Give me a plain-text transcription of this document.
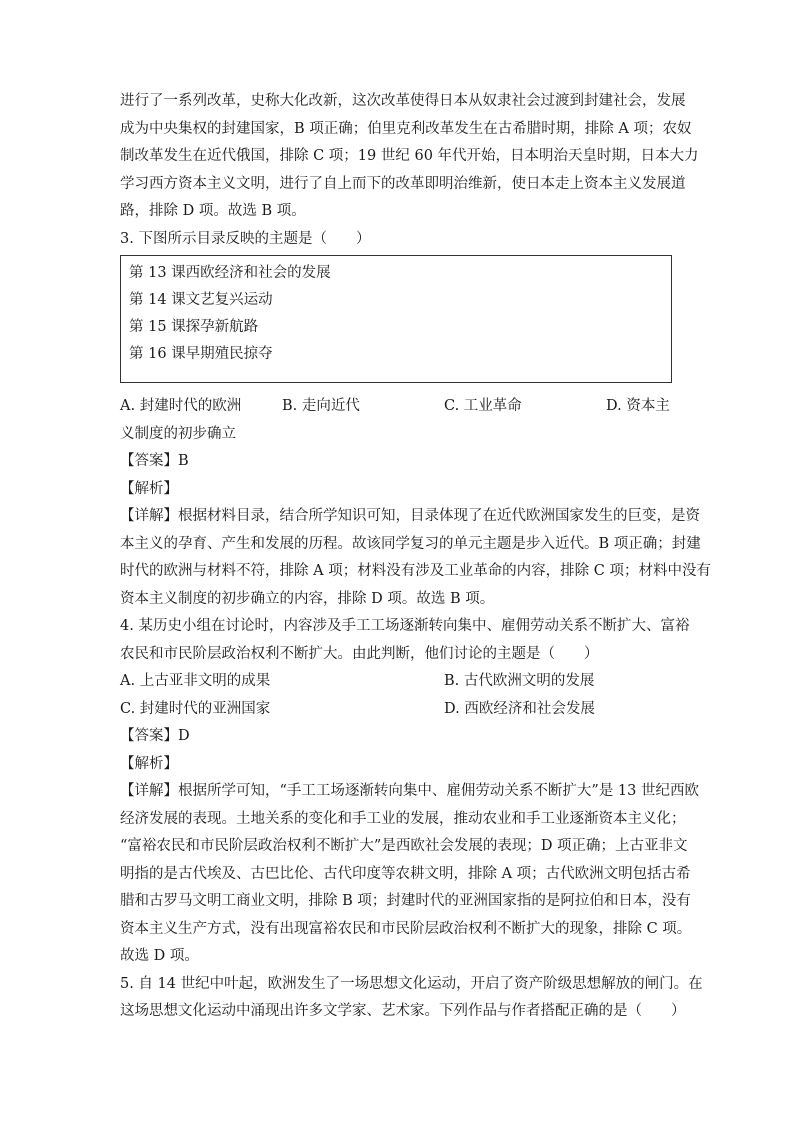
进行了一系列改革，史称大化改新，这次改革使得日本从奴隶社会过渡到封建社会，发展
成为中央集权的封建国家，B 项正确；伯里克利改革发生在古希腊时期，排除 A 项；农奴
制改革发生在近代俄国，排除 C 项；19 世纪 60 年代开始，日本明治天皇时期，日本大力
学习西方资本主义文明，进行了自上而下的改革即明治维新，使日本走上资本主义发展道
路，排除 D 项。故选 B 项。

3. 下图所示目录反映的主题是（　　）

第 13 课西欧经济和社会的发展
第 14 课文艺复兴运动
第 15 课探孕新航路
第 16 课早期殖民掠夺
A. 封建时代的欧洲	B. 走向近代	C. 工业革命	D. 资本主

义制度的初步确立

【答案】B

【解析】

【详解】根据材料目录，结合所学知识可知，目录体现了在近代欧洲国家发生的巨变，是资
本主义的孕育、产生和发展的历程。故该同学复习的单元主题是步入近代。B 项正确；封建
时代的欧洲与材料不符，排除 A 项；材料没有涉及工业革命的内容，排除 C 项；材料中没有
资本主义制度的初步确立的内容，排除 D 项。故选 B 项。

4. 某历史小组在讨论时，内容涉及手工工场逐渐转向集中、雇佣劳动关系不断扩大、富裕
农民和市民阶层政治权利不断扩大。由此判断，他们讨论的主题是（　　）

A. 上古亚非文明的成果	B. 古代欧洲文明的发展
C. 封建时代的亚洲国家	D. 西欧经济和社会发展

【答案】D

【解析】

【详解】根据所学可知，“手工工场逐渐转向集中、雇佣劳动关系不断扩大”是 13 世纪西欧
经济发展的表现。土地关系的变化和手工业的发展，推动农业和手工业逐渐资本主义化；
“富裕农民和市民阶层政治权利不断扩大”是西欧社会发展的表现；D 项正确；上古亚非文
明指的是古代埃及、古巴比伦、古代印度等农耕文明，排除 A 项；古代欧洲文明包括古希
腊和古罗马文明工商业文明，排除 B 项；封建时代的亚洲国家指的是阿拉伯和日本，没有
资本主义生产方式，没有出现富裕农民和市民阶层政治权利不断扩大的现象，排除 C 项。
故选 D 项。

5. 自 14 世纪中叶起，欧洲发生了一场思想文化运动，开启了资产阶级思想解放的闸门。在
这场思想文化运动中涌现出许多文学家、艺术家。下列作品与作者搭配正确的是（　　）
